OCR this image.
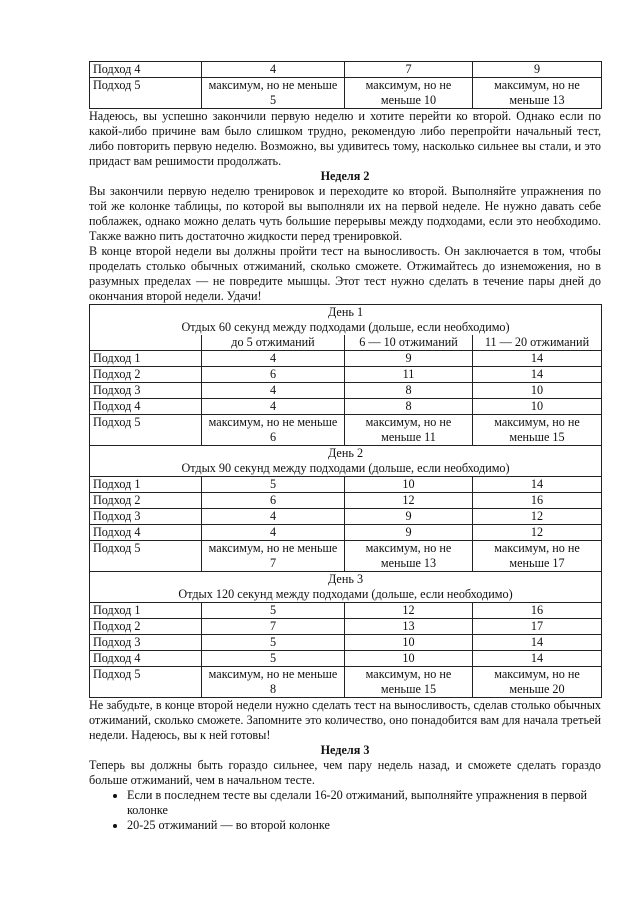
Подход 4	4	7	9
Подход 5	максимум, но не меньше 5	максимум, но не меньше 10	максимум, но не меньше 13

Надеюсь, вы успешно закончили первую неделю и хотите перейти ко второй. Однако если по какой-либо причине вам было слишком трудно, рекомендую либо перепройти начальный тест, либо повторить первую неделю. Возможно, вы удивитесь тому, насколько сильнее вы стали, и это придаст вам решимости продолжать.

Неделя 2

Вы закончили первую неделю тренировок и переходите ко второй. Выполняйте упражнения по той же колонке таблицы, по которой вы выполняли их на первой неделе. Не нужно давать себе поблажек, однако можно делать чуть большие перерывы между подходами, если это необходимо. Также важно пить достаточно жидкости перед тренировкой.

В конце второй недели вы должны пройти тест на выносливость. Он заключается в том, чтобы проделать столько обычных отжиманий, сколько сможете. Отжимайтесь до изнеможения, но в разумных пределах — не повредите мышцы. Этот тест нужно сделать в течение пары дней до окончания второй недели. Удачи!

День 1
Отдых 60 секунд между подходами (дольше, если необходимо)			

	до 5 отжиманий	6 — 10 отжиманий	11 — 20 отжиманий
Подход 1	4	9	14
Подход 2	6	11	14
Подход 3	4	8	10
Подход 4	4	8	10
Подход 5	максимум, но не меньше 6	максимум, но не меньше 11	максимум, но не меньше 15

День 2
Отдых 90 секунд между подходами (дольше, если необходимо)			

Подход 1	5	10	14
Подход 2	6	12	16
Подход 3	4	9	12
Подход 4	4	9	12
Подход 5	максимум, но не меньше 7	максимум, но не меньше 13	максимум, но не меньше 17

День 3
Отдых 120 секунд между подходами (дольше, если необходимо)			

Подход 1	5	12	16
Подход 2	7	13	17
Подход 3	5	10	14
Подход 4	5	10	14
Подход 5	максимум, но не меньше 8	максимум, но не меньше 15	максимум, но не меньше 20

Не забудьте, в конце второй недели нужно сделать тест на выносливость, сделав столько обычных отжиманий, сколько сможете. Запомните это количество, оно понадобится вам для начала третьей недели. Надеюсь, вы к ней готовы!

Неделя 3

Теперь вы должны быть гораздо сильнее, чем пару недель назад, и сможете сделать гораздо больше отжиманий, чем в начальном тесте.

• Если в последнем тесте вы сделали 16-20 отжиманий, выполняйте упражнения в первой колонке
• 20-25 отжиманий — во второй колонке
